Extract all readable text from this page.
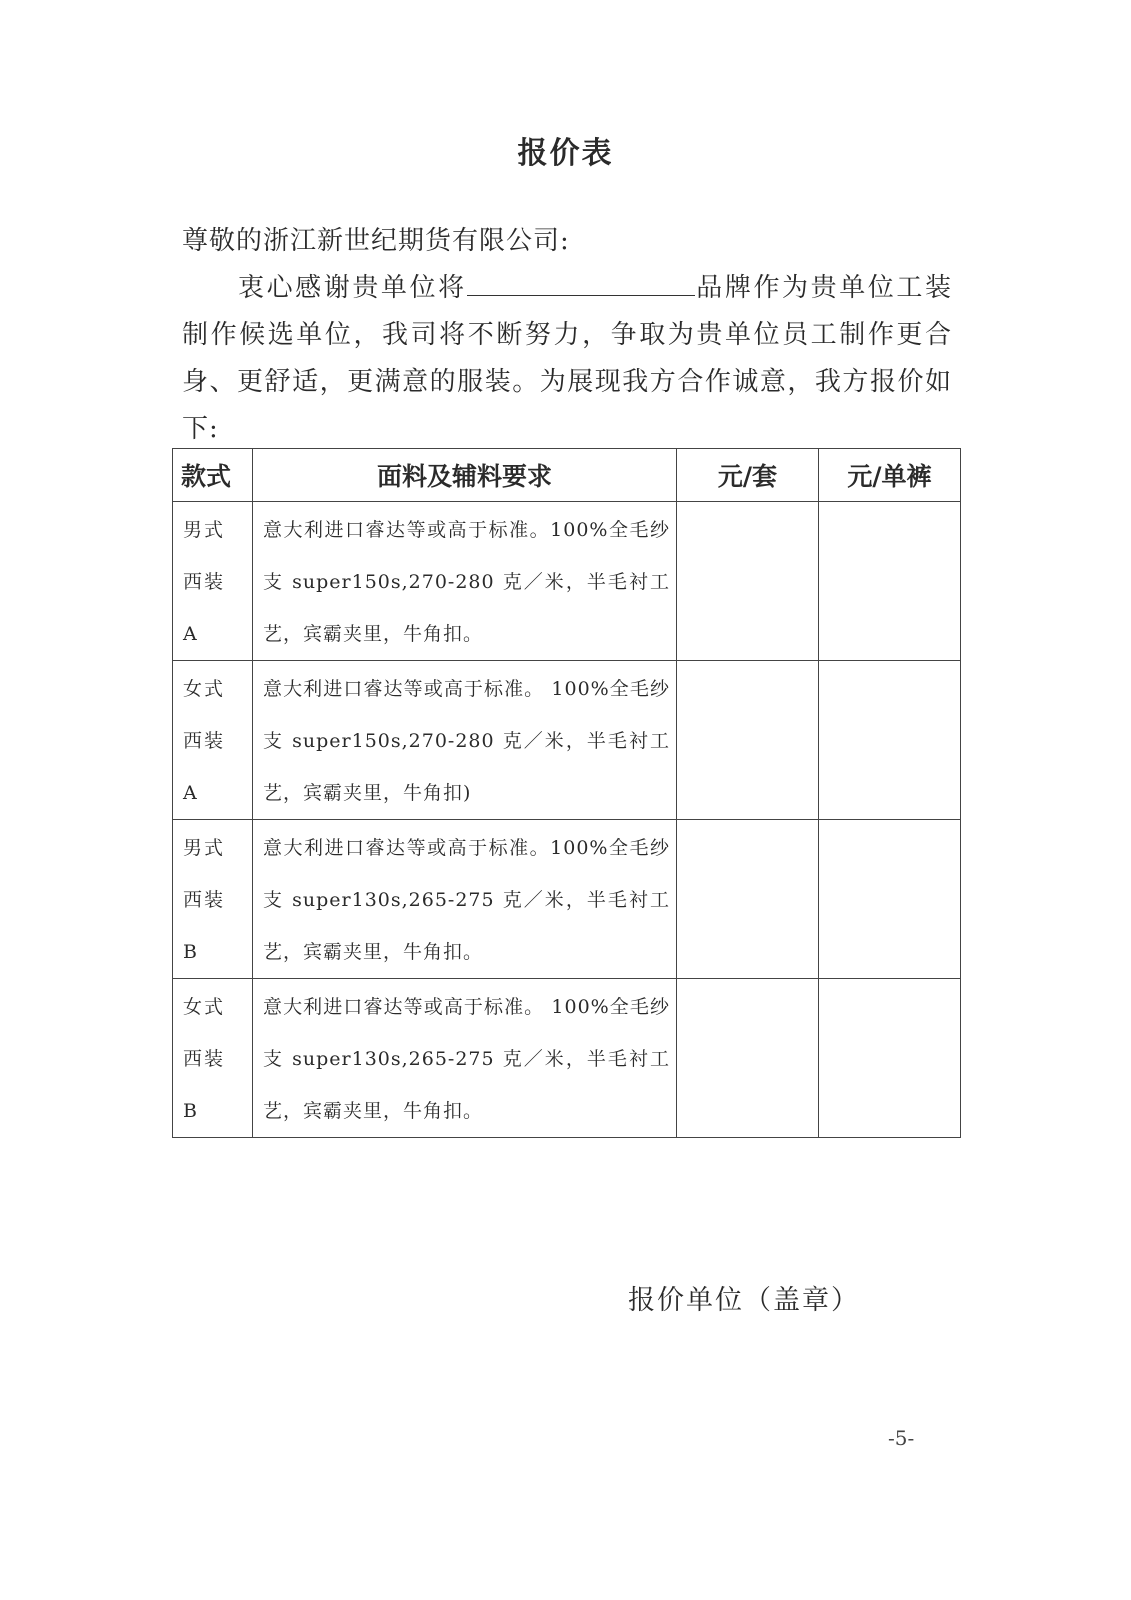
报价表

尊敬的浙江新世纪期货有限公司:

衷心感谢贵单位将	品牌作为贵单位工装制作候选单位，我司将不断努力，争取为贵单位员工制作更合身、更舒适，更满意的服装。为展现我方合作诚意，我方报价如下:

款式	面料及辅料要求	元/套	元/单裤

男式
西装
A	意大利进口睿达等或高于标准。100%全毛纱支 super150s,270-280 克／米，半毛衬工艺，宾霸夹里，牛角扣。		

女式
西装
A	意大利进口睿达等或高于标准。 100%全毛纱支 super150s,270-280 克／米，半毛衬工艺，宾霸夹里，牛角扣)		

男式
西装
B	意大利进口睿达等或高于标准。100%全毛纱支 super130s,265-275 克／米，半毛衬工艺，宾霸夹里，牛角扣。		

女式
西装
B	意大利进口睿达等或高于标准。 100%全毛纱支 super130s,265-275 克／米，半毛衬工艺，宾霸夹里，牛角扣。		
报价单位（盖章）
-5-
